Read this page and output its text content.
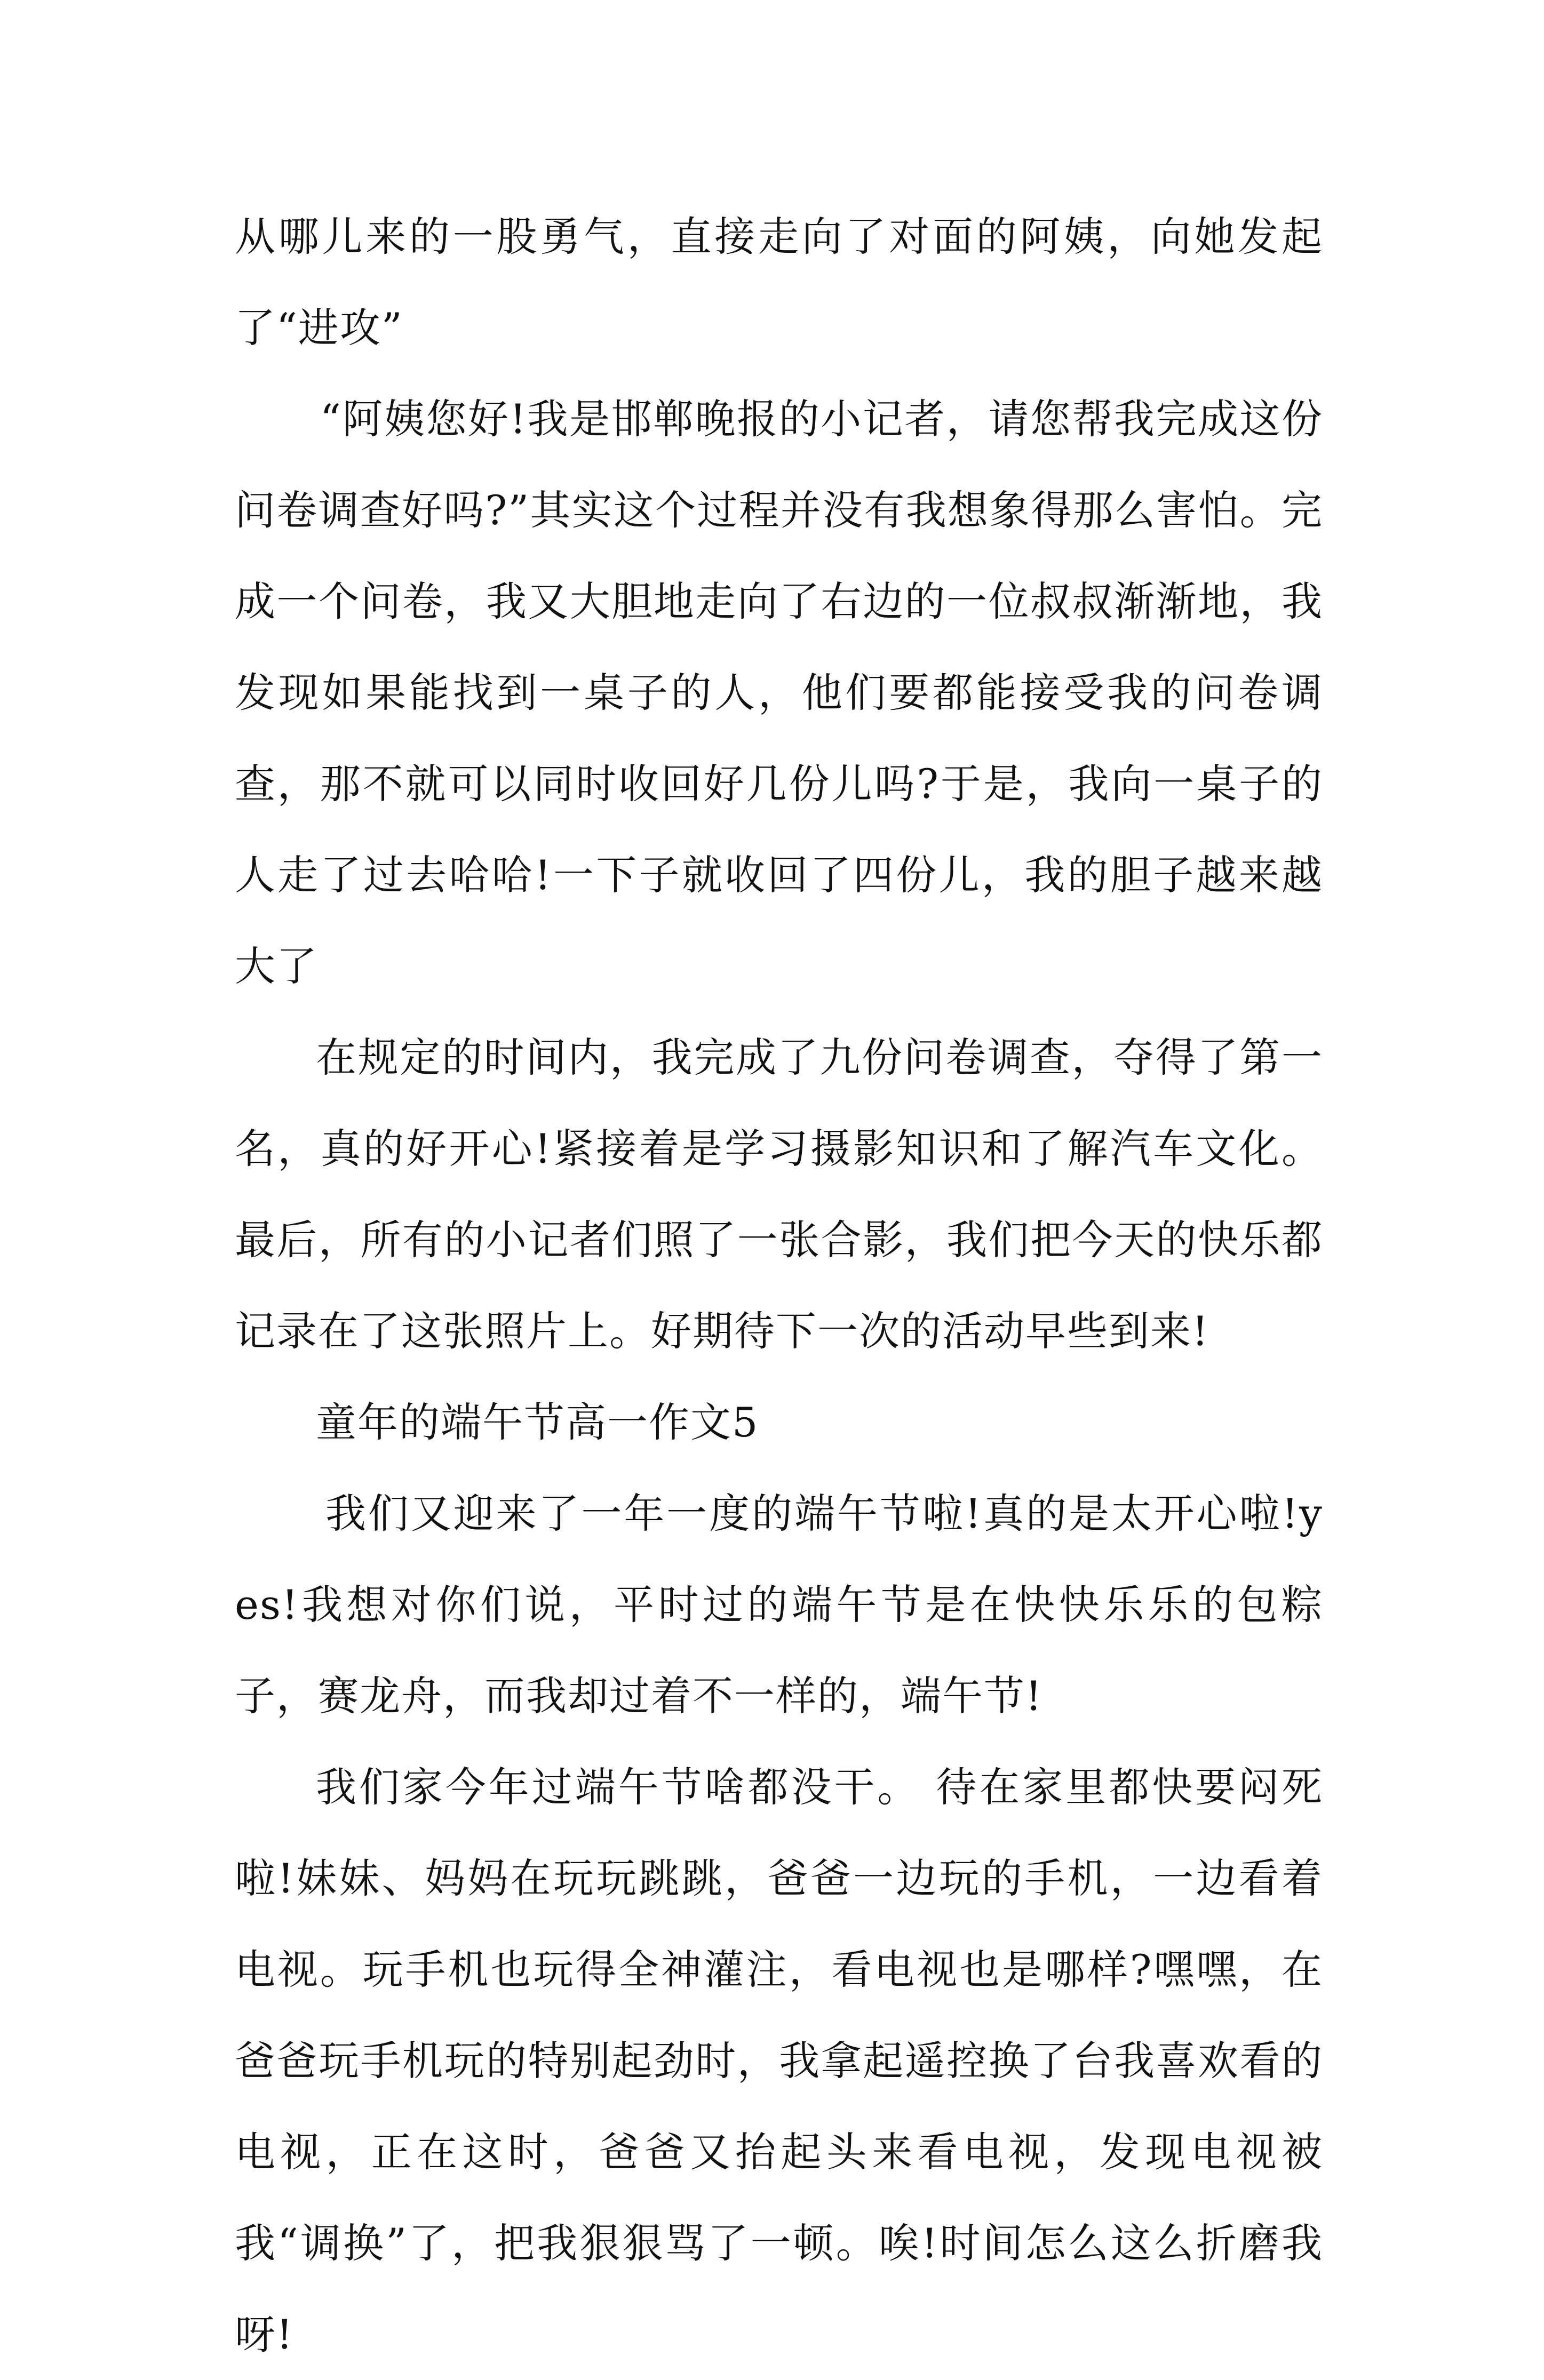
从哪儿来的一股勇气，直接走向了对面的阿姨，向她发起了“进攻”

“阿姨您好!我是邯郸晚报的小记者，请您帮我完成这份问卷调查好吗?”其实这个过程并没有我想象得那么害怕。完成一个问卷，我又大胆地走向了右边的一位叔叔渐渐地，我发现如果能找到一桌子的人，他们要都能接受我的问卷调查，那不就可以同时收回好几份儿吗?于是，我向一桌子的人走了过去哈哈!一下子就收回了四份儿，我的胆子越来越大了

在规定的时间内，我完成了九份问卷调查，夺得了第一名，真的好开心!紧接着是学习摄影知识和了解汽车文化。最后，所有的小记者们照了一张合影，我们把今天的快乐都记录在了这张照片上。好期待下一次的活动早些到来!

童年的端午节高一作文5

我们又迎来了一年一度的端午节啦!真的是太开心啦!yes!我想对你们说，平时过的端午节是在快快乐乐的包粽子，赛龙舟，而我却过着不一样的，端午节!

我们家今年过端午节啥都没干。 待在家里都快要闷死啦!妹妹、妈妈在玩玩跳跳，爸爸一边玩的手机，一边看着电视。玩手机也玩得全神灌注，看电视也是哪样?嘿嘿，在爸爸玩手机玩的特别起劲时，我拿起遥控换了台我喜欢看的电视，正在这时，爸爸又抬起头来看电视，发现电视被我“调换”了，把我狠狠骂了一顿。唉!时间怎么这么折磨我呀!
